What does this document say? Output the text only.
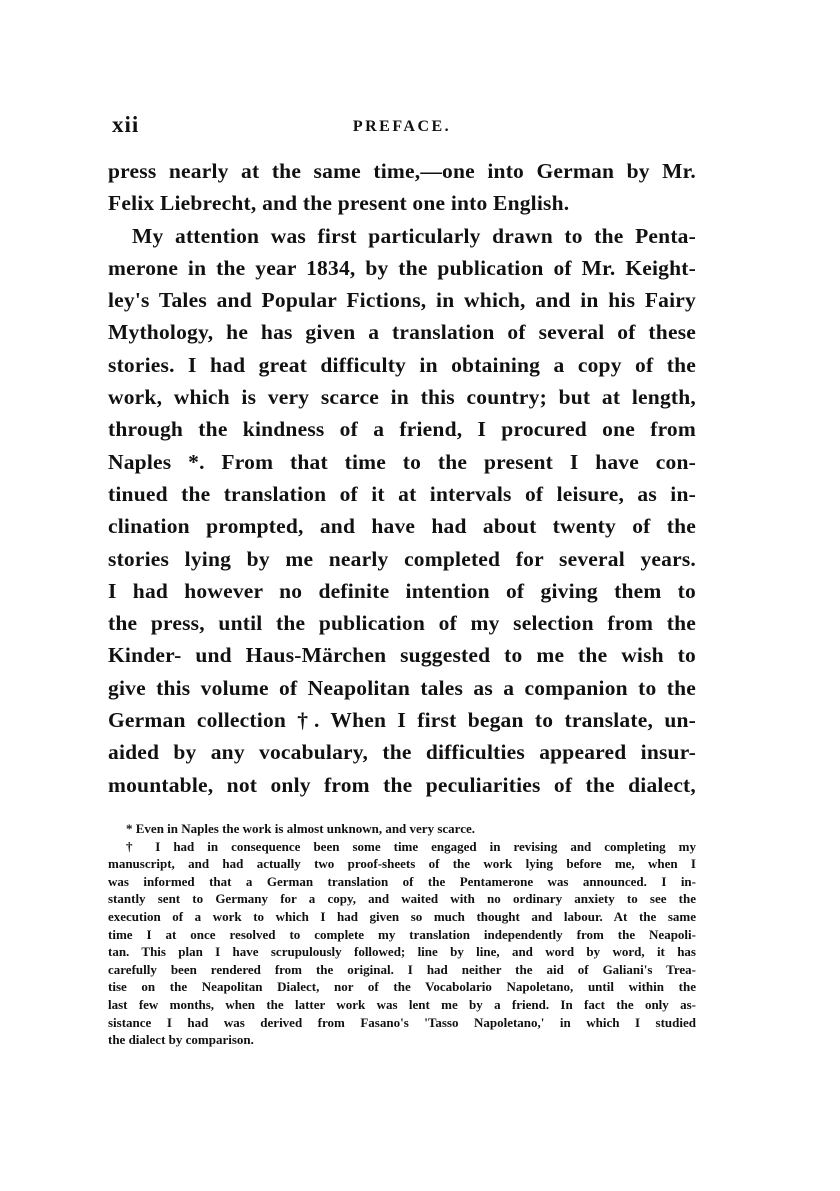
xii	PREFACE.
press nearly at the same time,—one into German by Mr.
Felix Liebrecht, and the present one into English.
My attention was first particularly drawn to the Penta-
merone in the year 1834, by the publication of Mr. Keight-
ley's Tales and Popular Fictions, in which, and in his Fairy
Mythology, he has given a translation of several of these
stories. I had great difficulty in obtaining a copy of the
work, which is very scarce in this country; but at length,
through the kindness of a friend, I procured one from
Naples *. From that time to the present I have con-
tinued the translation of it at intervals of leisure, as in-
clination prompted, and have had about twenty of the
stories lying by me nearly completed for several years.
I had however no definite intention of giving them to
the press, until the publication of my selection from the
Kinder- und Haus-Märchen suggested to me the wish to
give this volume of Neapolitan tales as a companion to the
German collection †. When I first began to translate, un-
aided by any vocabulary, the difficulties appeared insur-
mountable, not only from the peculiarities of the dialect,
* Even in Naples the work is almost unknown, and very scarce.
† I had in consequence been some time engaged in revising and completing my
manuscript, and had actually two proof-sheets of the work lying before me, when I
was informed that a German translation of the Pentamerone was announced. I in-
stantly sent to Germany for a copy, and waited with no ordinary anxiety to see the
execution of a work to which I had given so much thought and labour. At the same
time I at once resolved to complete my translation independently from the Neapoli-
tan. This plan I have scrupulously followed; line by line, and word by word, it has
carefully been rendered from the original. I had neither the aid of Galiani's Trea-
tise on the Neapolitan Dialect, nor of the Vocabolario Napoletano, until within the
last few months, when the latter work was lent me by a friend. In fact the only as-
sistance I had was derived from Fasano's 'Tasso Napoletano,' in which I studied
the dialect by comparison.
